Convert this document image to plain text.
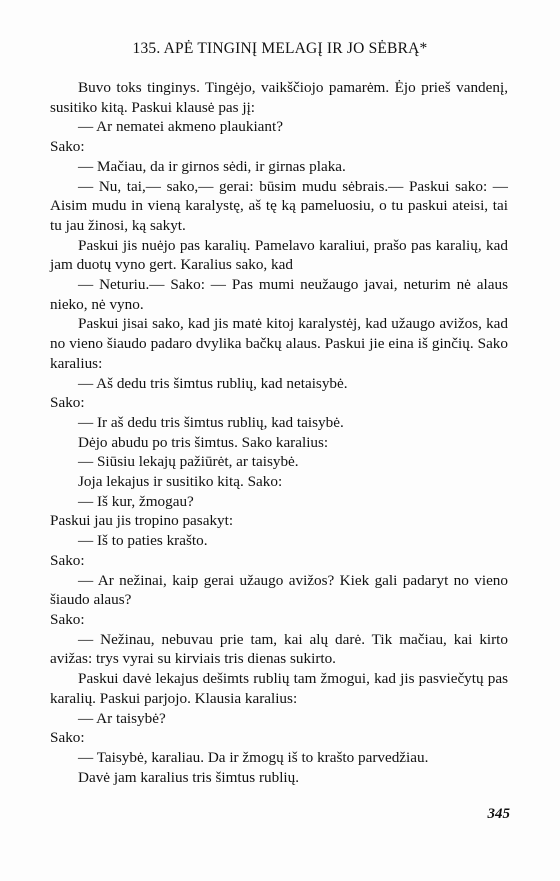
135. APĖ TINGINĮ MELAGĮ IR JO SĖBRĄ*

Buvo toks tinginys. Tingėjo, vaikščiojo pamarėm. Ėjo prieš vandenį, susitiko kitą. Paskui klausė pas jį:

— Ar nematei akmeno plaukiant?

Sako:

— Mačiau, da ir girnos sėdi, ir girnas plaka.

— Nu, tai,— sako,— gerai: būsim mudu sėbrais.— Paskui sako: — Aisim mudu in vieną karalystę, aš tę ką pameluosiu, o tu paskui ateisi, tai tu jau žinosi, ką sakyt.

Paskui jis nuėjo pas karalių. Pamelavo karaliui, prašo pas karalių, kad jam duotų vyno gert. Karalius sako, kad

— Neturiu.— Sako: — Pas mumi neužaugo javai, neturim nė alaus nieko, nė vyno.

Paskui jisai sako, kad jis matė kitoj karalystėj, kad užaugo avižos, kad no vieno šiaudo padaro dvylika bačkų alaus. Paskui jie eina iš ginčių. Sako karalius:

— Aš dedu tris šimtus rublių, kad netaisybė.

Sako:

— Ir aš dedu tris šimtus rublių, kad taisybė.

Dėjo abudu po tris šimtus. Sako karalius:

— Siūsiu lekajų pažiūrėt, ar taisybė.

Joja lekajus ir susitiko kitą. Sako:

— Iš kur, žmogau?

Paskui jau jis tropino pasakyt:

— Iš to paties krašto.

Sako:

— Ar nežinai, kaip gerai užaugo avižos? Kiek gali padaryt no vieno šiaudo alaus?

Sako:

— Nežinau, nebuvau prie tam, kai alų darė. Tik mačiau, kai kirto avižas: trys vyrai su kirviais tris dienas sukirto.

Paskui davė lekajus dešimts rublių tam žmogui, kad jis pasviečytų pas karalių. Paskui parjojo. Klausia karalius:

— Ar taisybė?

Sako:

— Taisybė, karaliau. Da ir žmogų iš to krašto parvedžiau.

Davė jam karalius tris šimtus rublių.

345
